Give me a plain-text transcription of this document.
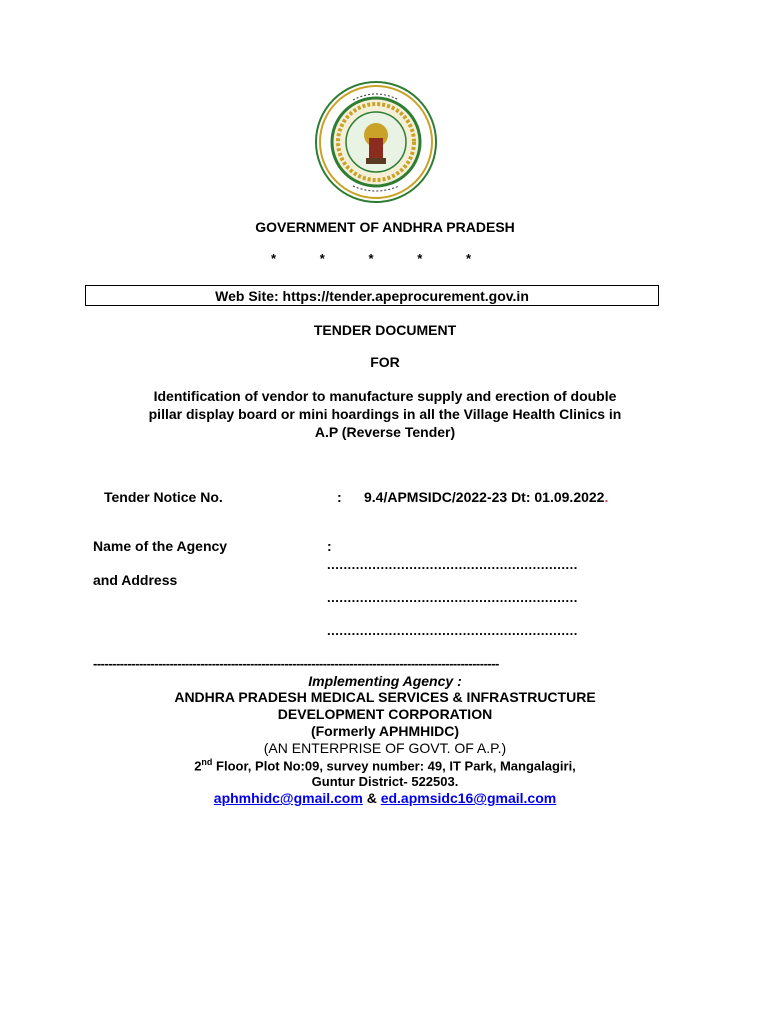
GOVERNMENT OF ANDHRA PRADESH
*	*	*	*	*
Web Site: https://tender.apeprocurement.gov.in
TENDER DOCUMENT
FOR
Identification of vendor to manufacture supply and erection of double
pillar display board or mini hoardings in all the Village Health Clinics in
A.P (Reverse Tender)
Tender Notice No.	: 9.4/APMSIDC/2022-23 Dt: 01.09.2022.
Name of the Agency	:
.............................................................
and Address
.............................................................
.............................................................
----------------------------------------------------------------------------------------------------------
Implementing Agency :
ANDHRA PRADESH MEDICAL SERVICES & INFRASTRUCTURE
DEVELOPMENT CORPORATION
(Formerly APHMHIDC)
(AN ENTERPRISE OF GOVT. OF A.P.)
2nd Floor, Plot No:09, survey number: 49, IT Park, Mangalagiri,
Guntur District- 522503.
aphmhidc@gmail.com & ed.apmsidc16@gmail.com
